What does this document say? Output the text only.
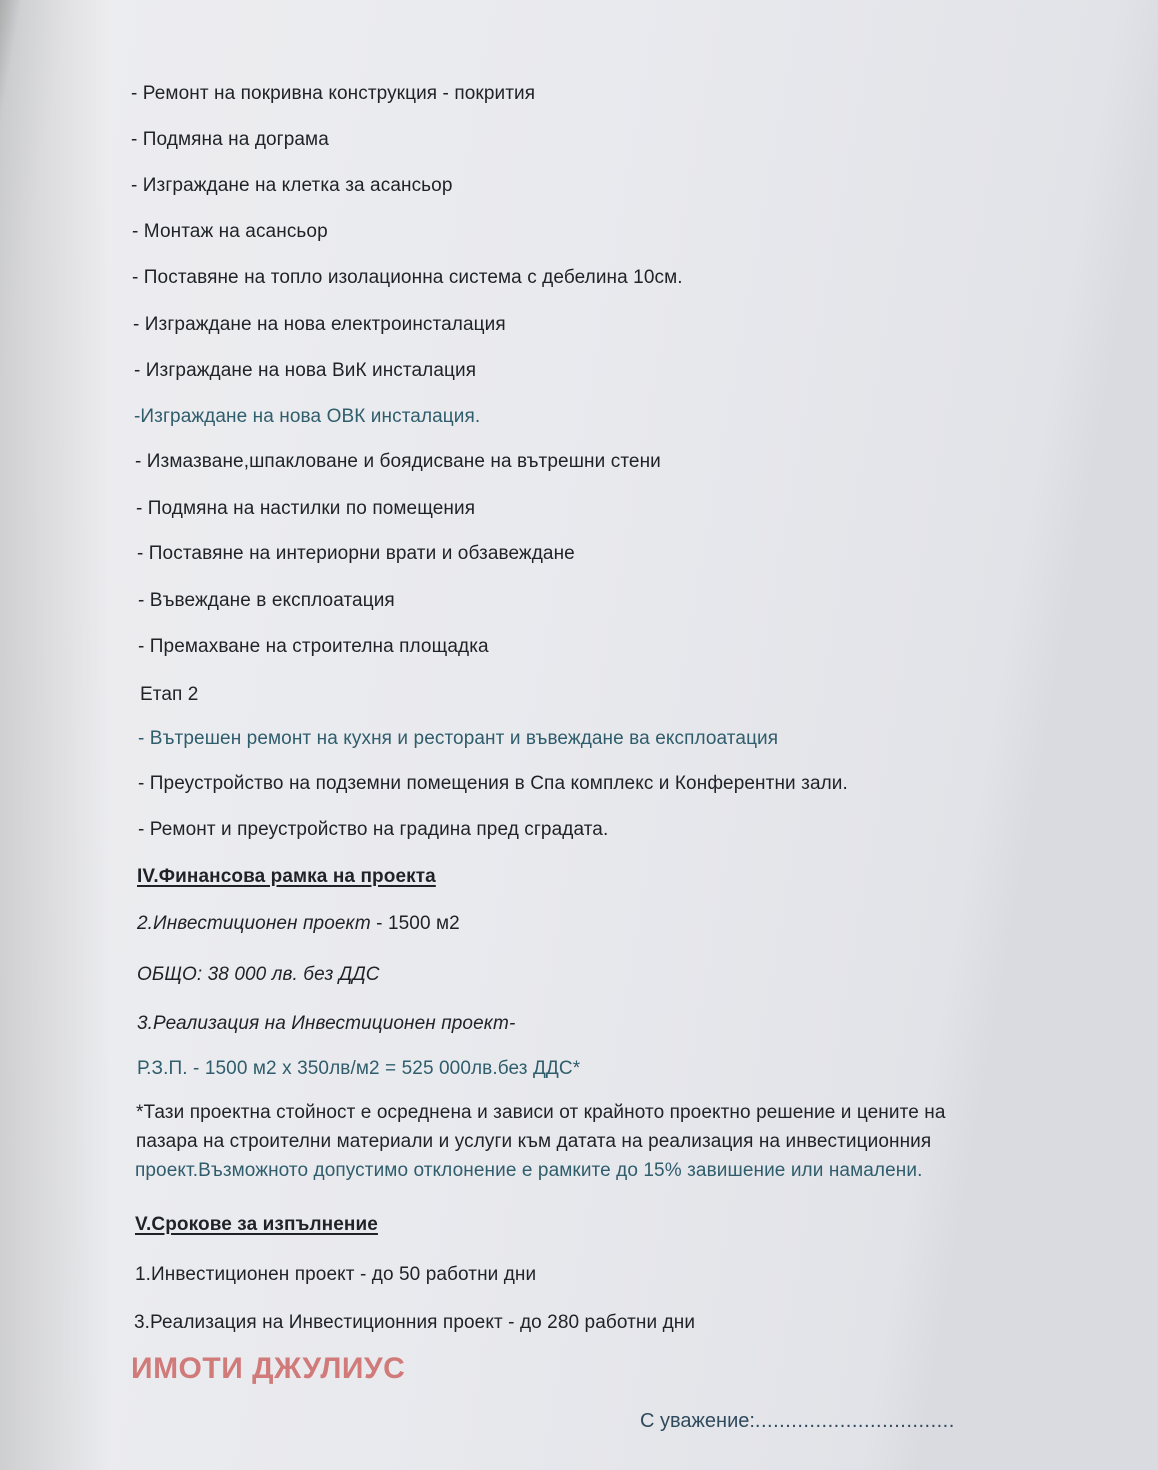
- Ремонт на покривна конструкция - покрития
- Подмяна на дограма
- Изграждане на клетка за асансьор
- Монтаж на асансьор
- Поставяне на топло изолационна система с дебелина 10см.
- Изграждане на нова електроинсталация
- Изграждане на нова ВиК инсталация
-Изграждане на нова ОВК инсталация.
- Измазване,шпакловане и боядисване на вътрешни стени
- Подмяна на настилки по помещения
- Поставяне на интериорни врати и обзавеждане
- Въвеждане в експлоатация
- Премахване на строителна площадка
Етап 2
- Вътрешен ремонт на кухня и ресторант и въвеждане ва експлоатация
- Преустройство на подземни помещения в Спа комплекс и Конферентни зали.
- Ремонт и преустройство на градина пред сградата.
IV.Финансова рамка на проекта
2.Инвестиционен проект - 1500 м2
ОБЩО: 38 000 лв. без ДДС
3.Реализация на Инвестиционен проект-
Р.З.П. - 1500 м2 х 350лв/м2 = 525 000лв.без ДДС*
*Тази проектна стойност е осреднена и зависи от крайното проектно решение и цените на
пазара на строителни материали и услуги към датата на реализация на инвестиционния
проект.Възможното допустимо отклонение е рамките до 15% завишение или намалени.
V.Срокове за изпълнение
1.Инвестиционен проект - до 50 работни дни
3.Реализация на Инвестиционния проект - до 280 работни дни
ИМОТИ ДЖУЛИУС
С уважение:.................................
